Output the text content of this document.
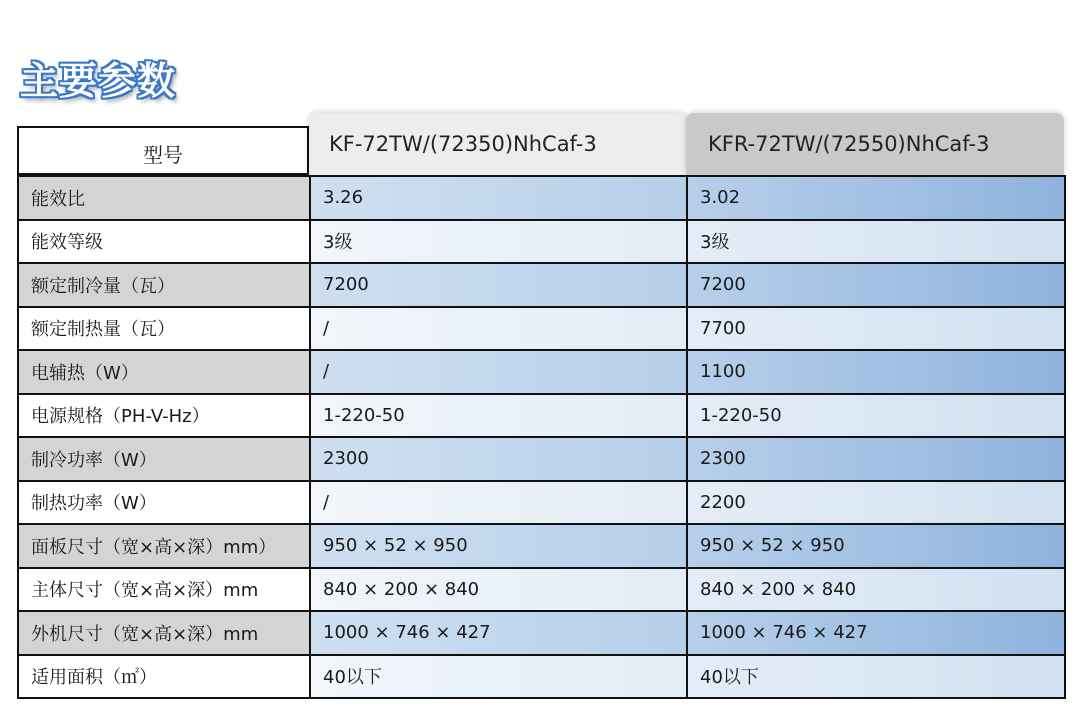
主要参数
型号	KF-72TW/(72350)NhCaf-3	KFR-72TW/(72550)NhCaf-3
能效比	3.26	3.02
能效等级	3级	3级
额定制冷量（瓦）	7200	7200
额定制热量（瓦）	/	7700
电辅热（W）	/	1100
电源规格（PH-V-Hz）	1-220-50	1-220-50
制冷功率（W）	2300	2300
制热功率（W）	/	2200
面板尺寸（宽×高×深）mm）	950 × 52 × 950	950 × 52 × 950
主体尺寸（宽×高×深）mm	840 × 200 × 840	840 × 200 × 840
外机尺寸（宽×高×深）mm	1000 × 746 × 427	1000 × 746 × 427
适用面积（㎡）	40以下	40以下
